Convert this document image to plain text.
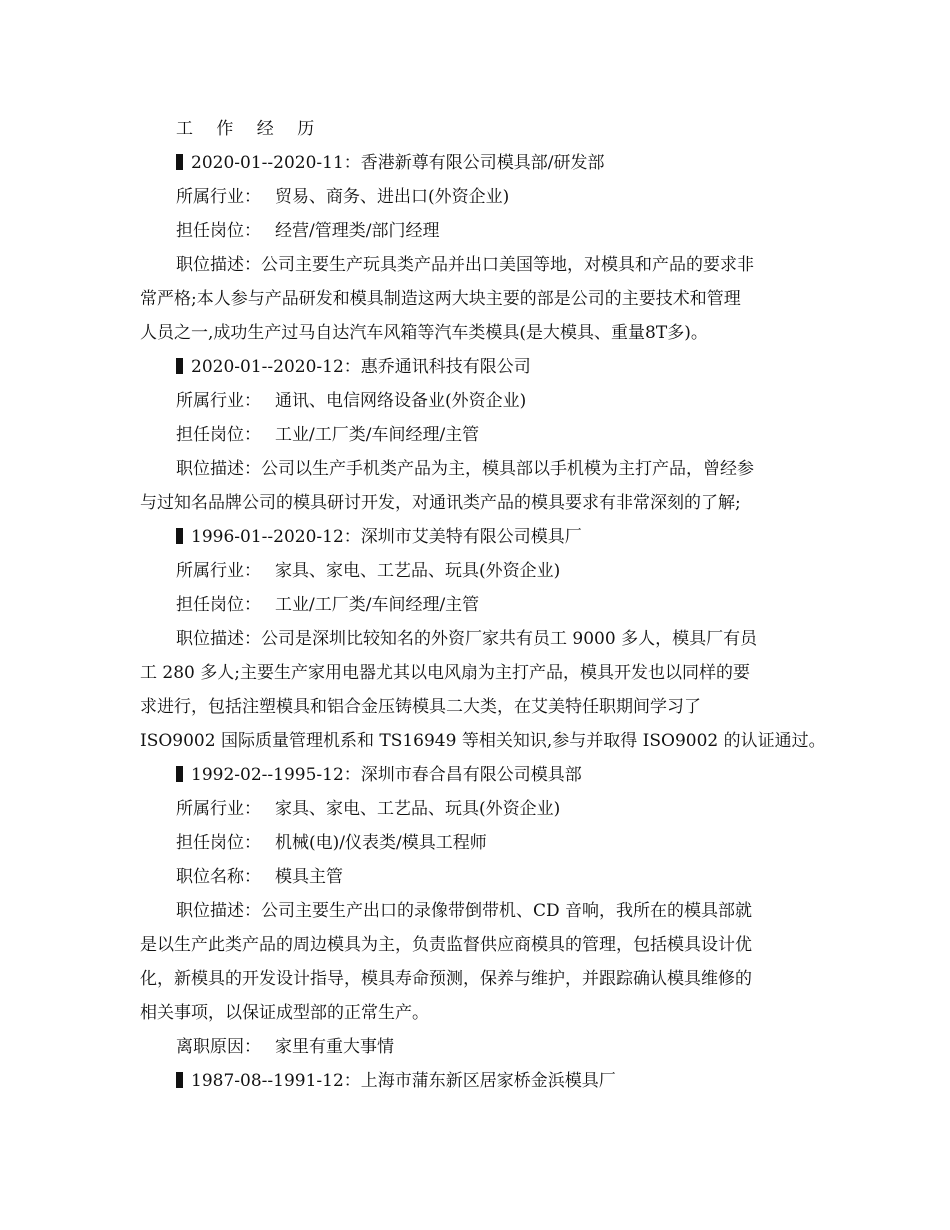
工 作 经 历
2020-01--2020-11：香港新尊有限公司模具部/研发部
所属行业： 贸易、商务、进出口(外资企业)
担任岗位： 经营/管理类/部门经理
职位描述：公司主要生产玩具类产品并出口美国等地，对模具和产品的要求非
常严格;本人参与产品研发和模具制造这两大块主要的部是公司的主要技术和管理
人员之一,成功生产过马自达汽车风箱等汽车类模具(是大模具、重量8T多)。
2020-01--2020-12：惠乔通讯科技有限公司
所属行业： 通讯、电信网络设备业(外资企业)
担任岗位： 工业/工厂类/车间经理/主管
职位描述：公司以生产手机类产品为主，模具部以手机模为主打产品，曾经参
与过知名品牌公司的模具研讨开发，对通讯类产品的模具要求有非常深刻的了解;
1996-01--2020-12：深圳市艾美特有限公司模具厂
所属行业： 家具、家电、工艺品、玩具(外资企业)
担任岗位： 工业/工厂类/车间经理/主管
职位描述：公司是深圳比较知名的外资厂家共有员工 9000 多人，模具厂有员
工 280 多人;主要生产家用电器尤其以电风扇为主打产品，模具开发也以同样的要
求进行，包括注塑模具和铝合金压铸模具二大类，在艾美特任职期间学习了
ISO9002 国际质量管理机系和 TS16949 等相关知识,参与并取得 ISO9002 的认证通过。
1992-02--1995-12：深圳市春合昌有限公司模具部
所属行业： 家具、家电、工艺品、玩具(外资企业)
担任岗位： 机械(电)/仪表类/模具工程师
职位名称： 模具主管
职位描述：公司主要生产出口的录像带倒带机、CD 音响，我所在的模具部就
是以生产此类产品的周边模具为主，负责监督供应商模具的管理，包括模具设计优
化，新模具的开发设计指导，模具寿命预测，保养与维护，并跟踪确认模具维修的
相关事项，以保证成型部的正常生产。
离职原因： 家里有重大事情
1987-08--1991-12：上海市蒲东新区居家桥金浜模具厂
